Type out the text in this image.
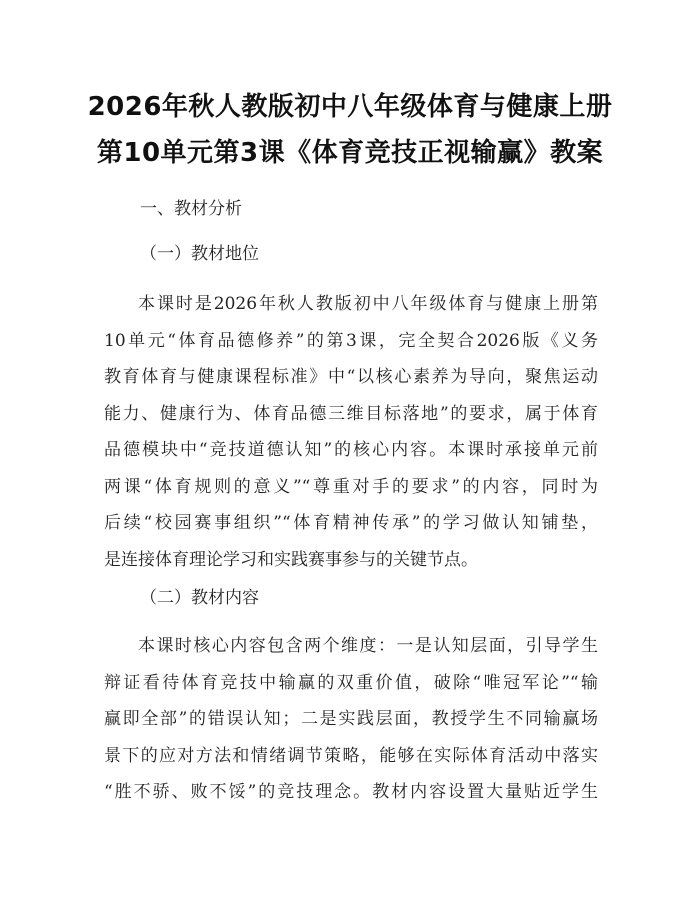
2026年秋人教版初中八年级体育与健康上册
第10单元第3课《体育竞技正视输赢》教案
一、教材分析
（一）教材地位
本课时是2026年秋人教版初中八年级体育与健康上册第
10单元“体育品德修养”的第3课，完全契合2026版《义务
教育体育与健康课程标准》中“以核心素养为导向，聚焦运动
能力、健康行为、体育品德三维目标落地”的要求，属于体育
品德模块中“竞技道德认知”的核心内容。本课时承接单元前
两课“体育规则的意义”“尊重对手的要求”的内容，同时为
后续“校园赛事组织”“体育精神传承”的学习做认知铺垫，
是连接体育理论学习和实践赛事参与的关键节点。
（二）教材内容
本课时核心内容包含两个维度：一是认知层面，引导学生
辩证看待体育竞技中输赢的双重价值，破除“唯冠军论”“输
赢即全部”的错误认知；二是实践层面，教授学生不同输赢场
景下的应对方法和情绪调节策略，能够在实际体育活动中落实
“胜不骄、败不馁”的竞技理念。教材内容设置大量贴近学生
